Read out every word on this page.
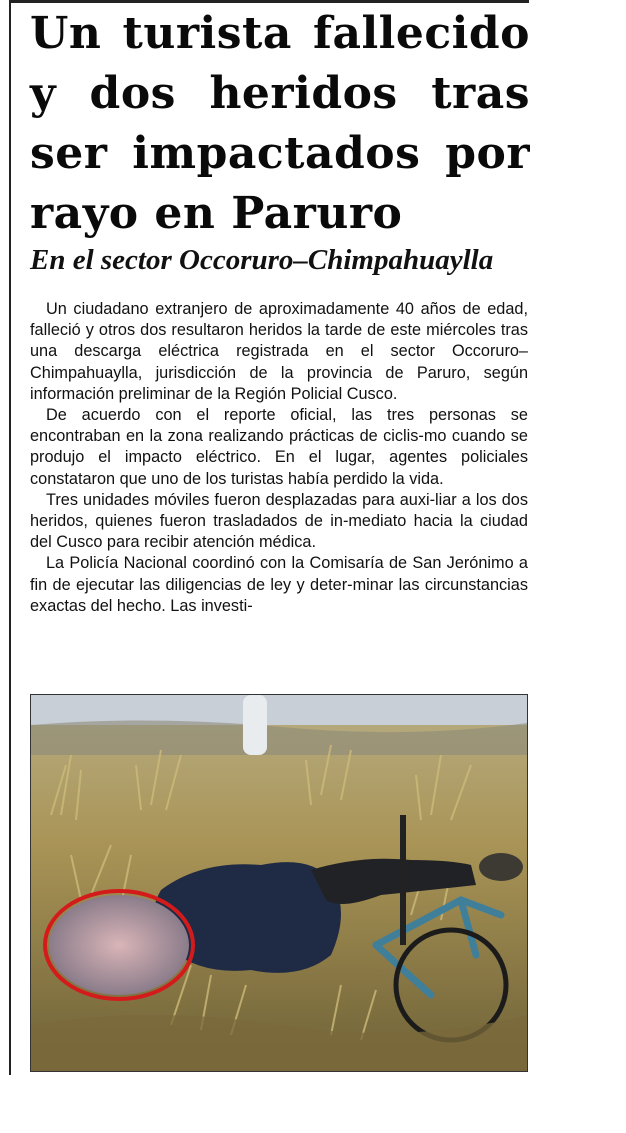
Un turista fallecido
y dos heridos tras
ser impactados por
rayo en Paruro
En el sector Occoruro–Chimpahuaylla

Un ciudadano extranjero de aproximadamente 40 años de edad, falleció y otros dos resultaron heridos la tarde de este miércoles tras una descarga eléctrica registrada en el sector Occoruro–Chimpahuaylla, jurisdicción de la provincia de Paruro, según información preliminar de la Región Policial Cusco.

De acuerdo con el reporte oficial, las tres personas se encontraban en la zona realizando prácticas de ciclis-mo cuando se produjo el impacto eléctrico. En el lugar, agentes policiales constataron que uno de los turistas había perdido la vida.

Tres unidades móviles fueron desplazadas para auxi-liar a los dos heridos, quienes fueron trasladados de in-mediato hacia la ciudad del Cusco para recibir atención médica.

La Policía Nacional coordinó con la Comisaría de San Jerónimo a fin de ejecutar las diligencias de ley y deter-minar las circunstancias exactas del hecho. Las investi-
